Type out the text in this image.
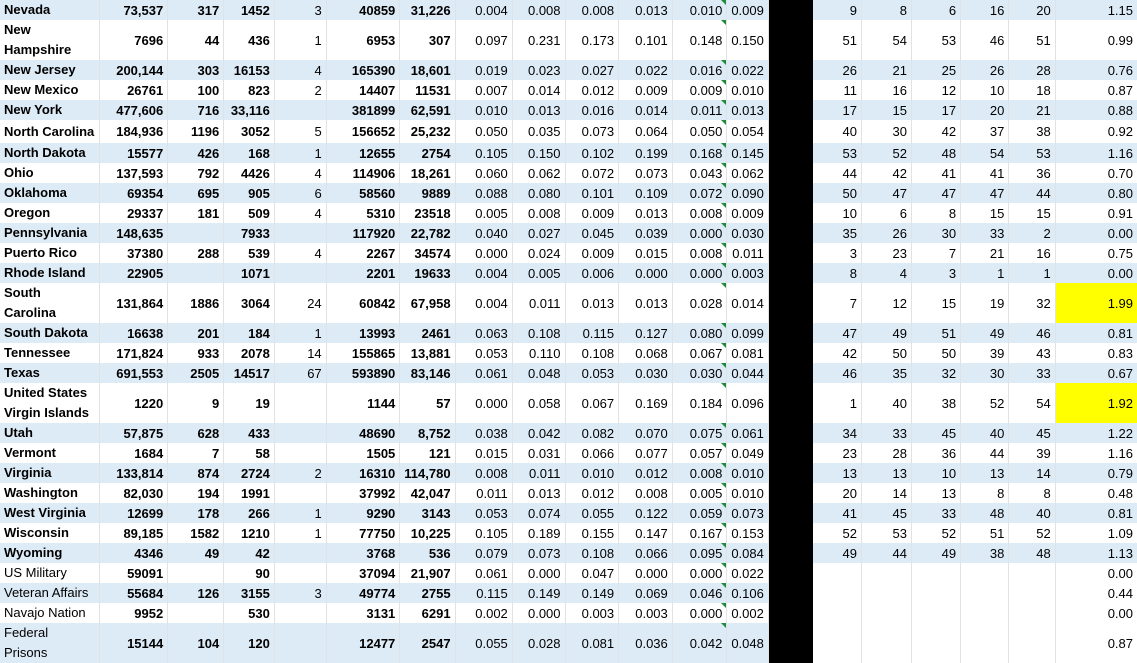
Nevada	73,537	317	1452	3	40859	31,226	0.004	0.008	0.008	0.013	0.010	0.009		9	8	6	16	20	1.15
New Hampshire	7696	44	436	1	6953	307	0.097	0.231	0.173	0.101	0.148	0.150		51	54	53	46	51	0.99
New Jersey	200,144	303	16153	4	165390	18,601	0.019	0.023	0.027	0.022	0.016	0.022		26	21	25	26	28	0.76
New Mexico	26761	100	823	2	14407	11531	0.007	0.014	0.012	0.009	0.009	0.010		11	16	12	10	18	0.87
New York	477,606	716	33,116		381899	62,591	0.010	0.013	0.016	0.014	0.011	0.013		17	15	17	20	21	0.88
North Carolina	184,936	1196	3052	5	156652	25,232	0.050	0.035	0.073	0.064	0.050	0.054		40	30	42	37	38	0.92
North Dakota	15577	426	168	1	12655	2754	0.105	0.150	0.102	0.199	0.168	0.145		53	52	48	54	53	1.16
Ohio	137,593	792	4426	4	114906	18,261	0.060	0.062	0.072	0.073	0.043	0.062		44	42	41	41	36	0.70
Oklahoma	69354	695	905	6	58560	9889	0.088	0.080	0.101	0.109	0.072	0.090		50	47	47	47	44	0.80
Oregon	29337	181	509	4	5310	23518	0.005	0.008	0.009	0.013	0.008	0.009		10	6	8	15	15	0.91
Pennsylvania	148,635		7933		117920	22,782	0.040	0.027	0.045	0.039	0.000	0.030		35	26	30	33	2	0.00
Puerto Rico	37380	288	539	4	2267	34574	0.000	0.024	0.009	0.015	0.008	0.011		3	23	7	21	16	0.75
Rhode Island	22905		1071		2201	19633	0.004	0.005	0.006	0.000	0.000	0.003		8	4	3	1	1	0.00
South Carolina	131,864	1886	3064	24	60842	67,958	0.004	0.011	0.013	0.013	0.028	0.014		7	12	15	19	32	1.99
South Dakota	16638	201	184	1	13993	2461	0.063	0.108	0.115	0.127	0.080	0.099		47	49	51	49	46	0.81
Tennessee	171,824	933	2078	14	155865	13,881	0.053	0.110	0.108	0.068	0.067	0.081		42	50	50	39	43	0.83
Texas	691,553	2505	14517	67	593890	83,146	0.061	0.048	0.053	0.030	0.030	0.044		46	35	32	30	33	0.67
United States Virgin Islands	1220	9	19		1144	57	0.000	0.058	0.067	0.169	0.184	0.096		1	40	38	52	54	1.92
Utah	57,875	628	433		48690	8,752	0.038	0.042	0.082	0.070	0.075	0.061		34	33	45	40	45	1.22
Vermont	1684	7	58		1505	121	0.015	0.031	0.066	0.077	0.057	0.049		23	28	36	44	39	1.16
Virginia	133,814	874	2724	2	16310	114,780	0.008	0.011	0.010	0.012	0.008	0.010		13	13	10	13	14	0.79
Washington	82,030	194	1991		37992	42,047	0.011	0.013	0.012	0.008	0.005	0.010		20	14	13	8	8	0.48
West Virginia	12699	178	266	1	9290	3143	0.053	0.074	0.055	0.122	0.059	0.073		41	45	33	48	40	0.81
Wisconsin	89,185	1582	1210	1	77750	10,225	0.105	0.189	0.155	0.147	0.167	0.153		52	53	52	51	52	1.09
Wyoming	4346	49	42		3768	536	0.079	0.073	0.108	0.066	0.095	0.084		49	44	49	38	48	1.13
US Military	59091		90		37094	21,907	0.061	0.000	0.047	0.000	0.000	0.022							0.00
Veteran Affairs	55684	126	3155	3	49774	2755	0.115	0.149	0.149	0.069	0.046	0.106							0.44
Navajo Nation	9952		530		3131	6291	0.002	0.000	0.003	0.003	0.000	0.002							0.00
Federal Prisons	15144	104	120		12477	2547	0.055	0.028	0.081	0.036	0.042	0.048							0.87
